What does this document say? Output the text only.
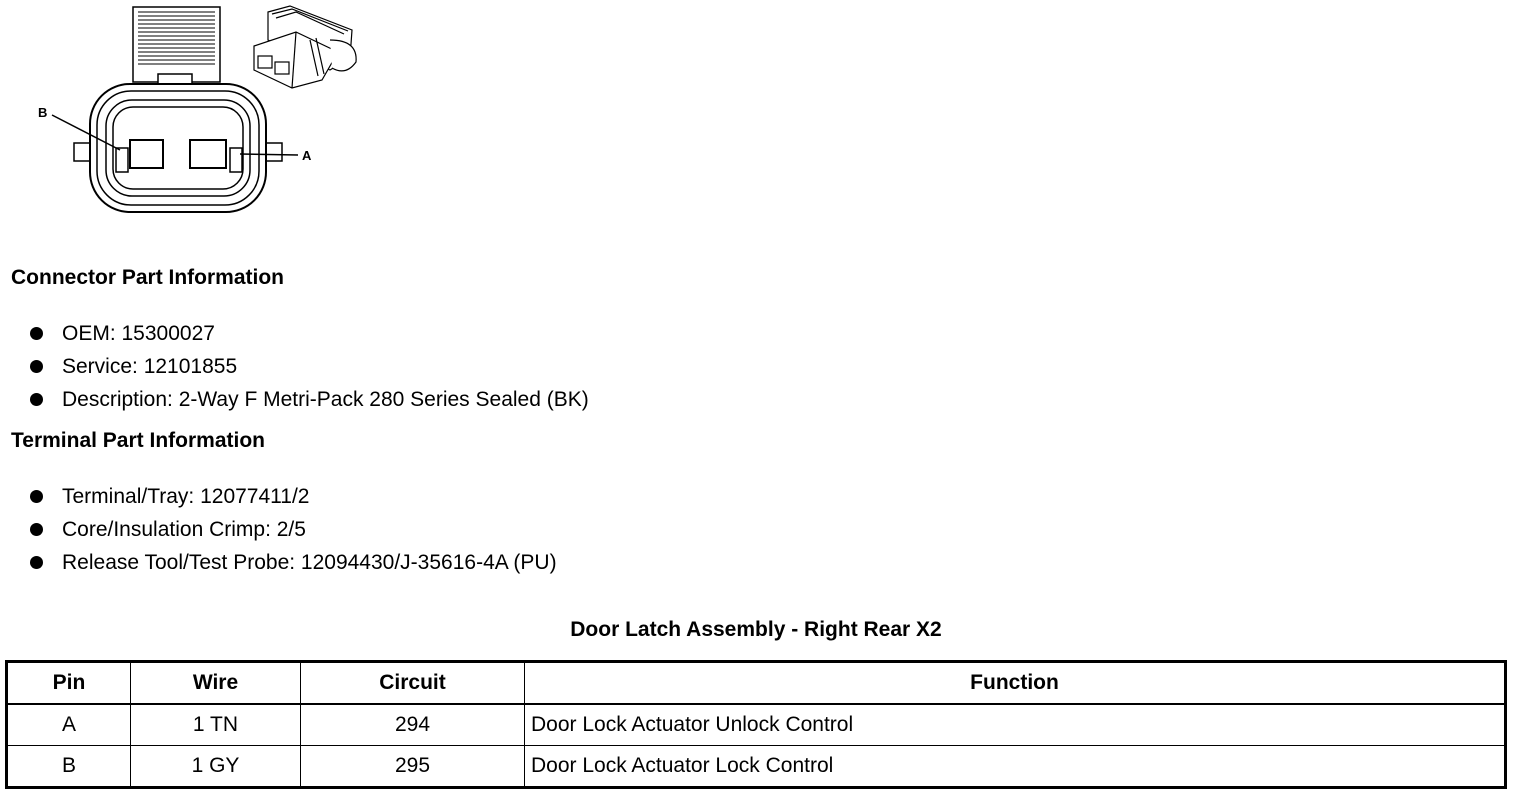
B
A
Connector Part Information
OEM: 15300027
Service: 12101855
Description: 2-Way F Metri-Pack 280 Series Sealed (BK)
Terminal Part Information
Terminal/Tray: 12077411/2
Core/Insulation Crimp: 2/5
Release Tool/Test Probe: 12094430/J-35616-4A (PU)
Door Latch Assembly - Right Rear X2
Pin	Wire	Circuit	Function
A	1 TN	294	Door Lock Actuator Unlock Control
B	1 GY	295	Door Lock Actuator Lock Control
